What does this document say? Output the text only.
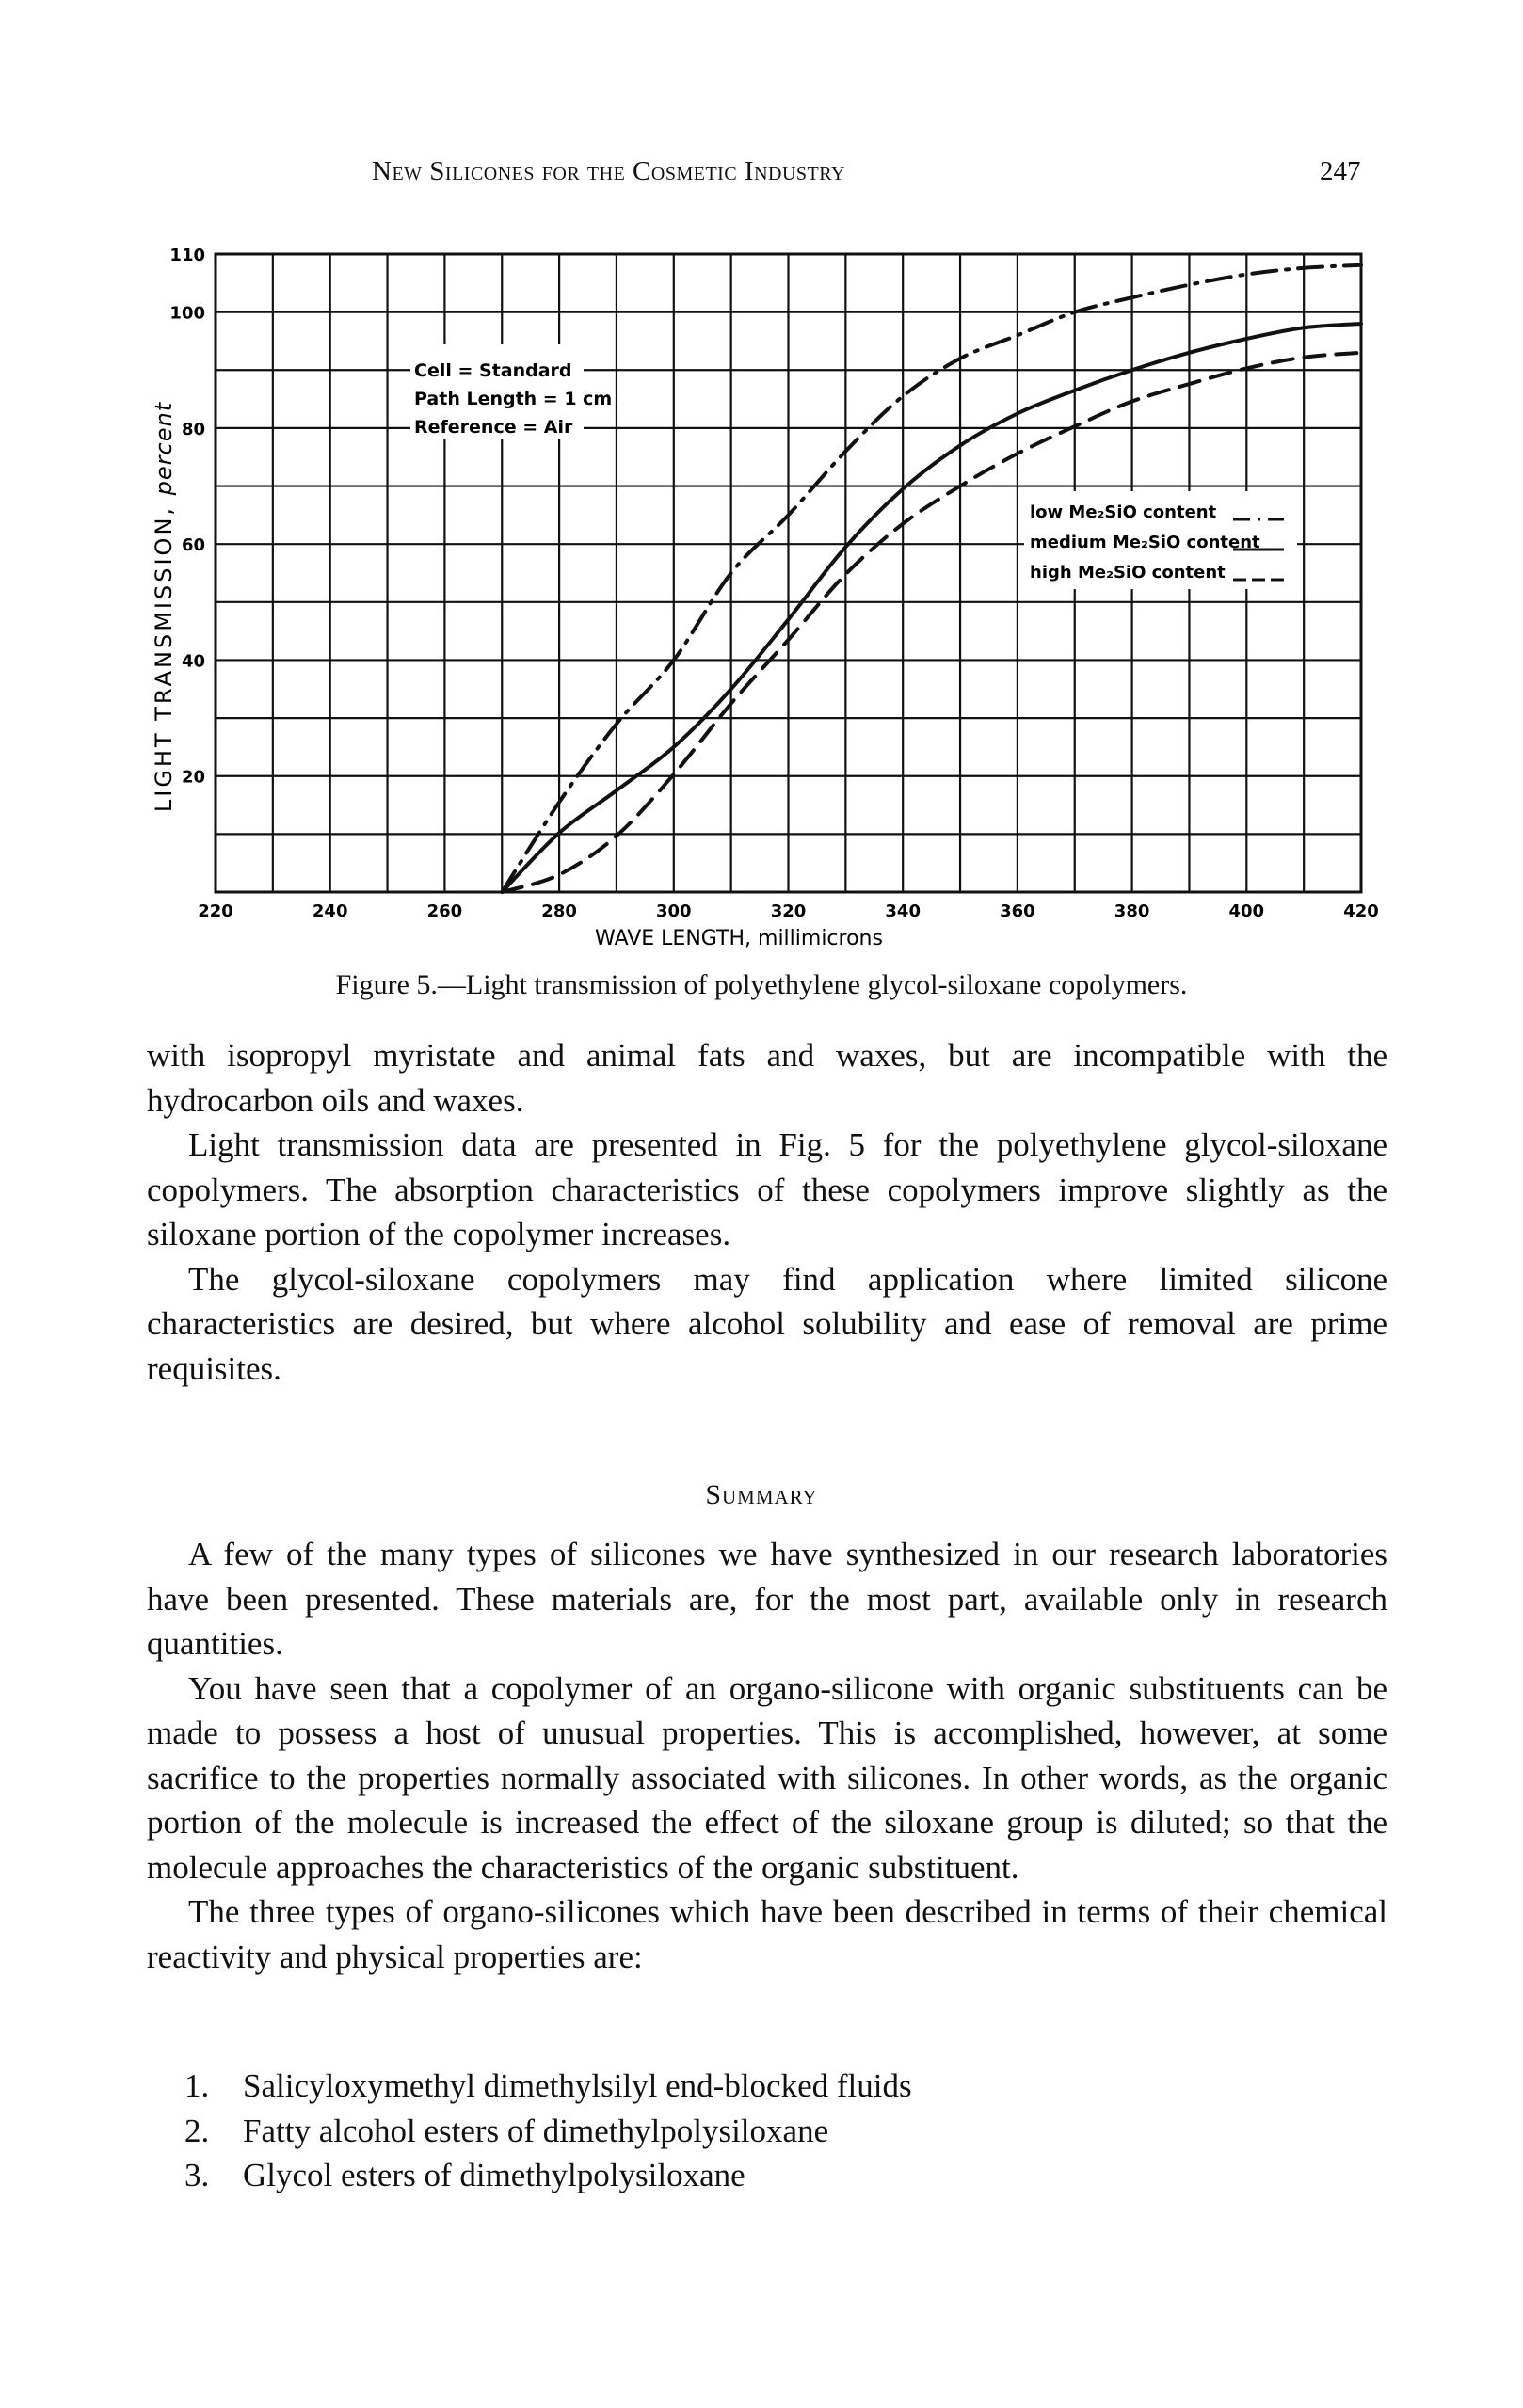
New Silicones for the Cosmetic Industry	247
Cell = Standard
Path Length = 1 cm
Reference = Air
low Me₂SiO content
medium Me₂SiO content
high Me₂SiO content
220	240	260	280	300	320	340	360	380	400	420
20
40
60
80
100
110
LIGHT TRANSMISSION, percent
WAVE LENGTH, millimicrons
Figure 5.—Light transmission of polyethylene glycol-siloxane copolymers.

with isopropyl myristate and animal fats and waxes, but are incompatible with the hydrocarbon oils and waxes.

Light transmission data are presented in Fig. 5 for the polyethylene glycol-siloxane copolymers. The absorption characteristics of these copolymers improve slightly as the siloxane portion of the copolymer increases.

The glycol-siloxane copolymers may find application where limited silicone characteristics are desired, but where alcohol solubility and ease of removal are prime requisites.

Summary

A few of the many types of silicones we have synthesized in our research laboratories have been presented. These materials are, for the most part, available only in research quantities.

You have seen that a copolymer of an organo-silicone with organic substituents can be made to possess a host of unusual properties. This is accomplished, however, at some sacrifice to the properties normally associated with silicones. In other words, as the organic portion of the molecule is increased the effect of the siloxane group is diluted; so that the molecule approaches the characteristics of the organic substituent.

The three types of organo-silicones which have been described in terms of their chemical reactivity and physical properties are:

1.	Salicyloxymethyl dimethylsilyl end-blocked fluids
2.	Fatty alcohol esters of dimethylpolysiloxane
3.	Glycol esters of dimethylpolysiloxane
